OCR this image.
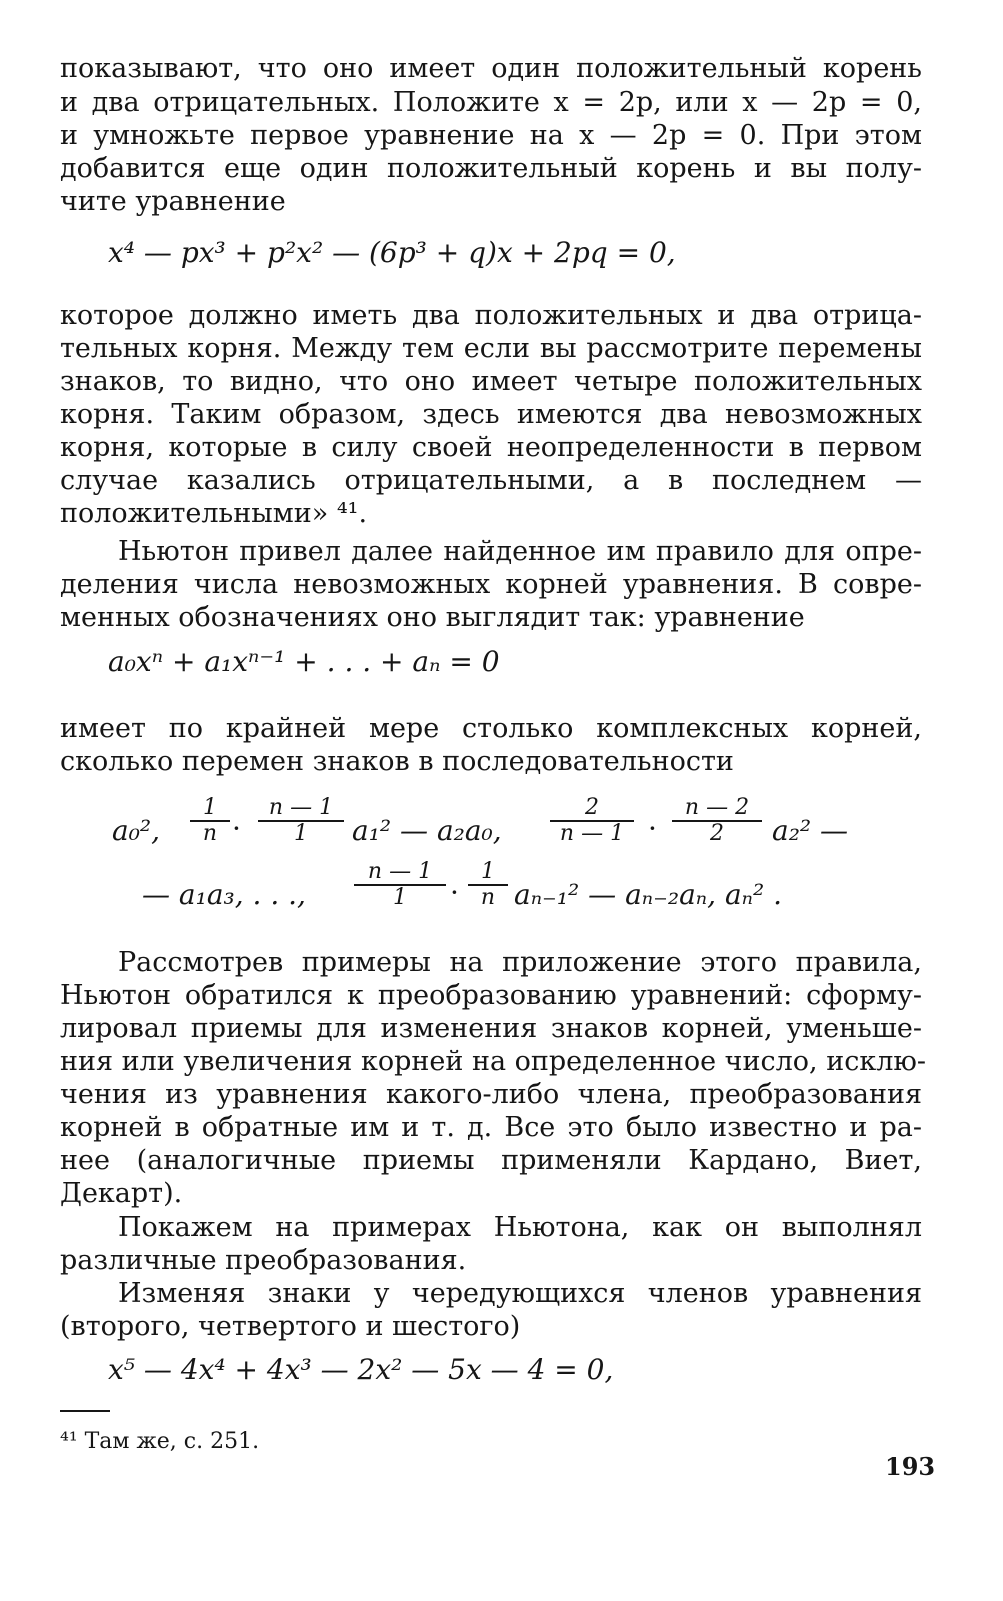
показывают, что оно имеет один положительный корень

и два отрицательных. Положите x = 2p, или x — 2p = 0,

и умножьте первое уравнение на x — 2p = 0. При этом

добавится еще один положительный корень и вы полу-

чите уравнение

x⁴ — px³ + p²x² — (6p³ + q)x + 2pq = 0,

которое должно иметь два положительных и два отрица-

тельных корня. Между тем если вы рассмотрите перемены

знаков, то видно, что оно имеет четыре положительных

корня. Таким образом, здесь имеются два невозможных

корня, которые в силу своей неопределенности в первом

случае казались отрицательными, а в последнем —

положительными» ⁴¹.

Ньютон привел далее найденное им правило для опре-

деления числа невозможных корней уравнения. В совре-

менных обозначениях оно выглядит так: уравнение

a₀xⁿ + a₁xⁿ⁻¹ + . . . + aₙ = 0

имеет по крайней мере столько комплексных корней,

сколько перемен знаков в последовательности

a₀²,
1
n ·
n — 1
1	a₁² — a₂a₀,
2
n — 1 ·
n — 2
2	a₂² —
— a₁a₃, . . .,
n — 1
1	·
1
n aₙ₋₁² — aₙ₋₂aₙ, aₙ² .

Рассмотрев примеры на приложение этого правила,

Ньютон обратился к преобразованию уравнений: сформу-

лировал приемы для изменения знаков корней, уменьше-

ния или увеличения корней на определенное число, исклю-

чения из уравнения какого-либо члена, преобразования

корней в обратные им и т. д. Все это было известно и ра-

нее (аналогичные приемы применяли Кардано, Виет,

Декарт).

Покажем на примерах Ньютона, как он выполнял

различные преобразования.

Изменяя знаки у чередующихся членов уравнения

(второго, четвертого и шестого)

x⁵ — 4x⁴ + 4x³ — 2x² — 5x — 4 = 0,

⁴¹ Там же, с. 251.

193
